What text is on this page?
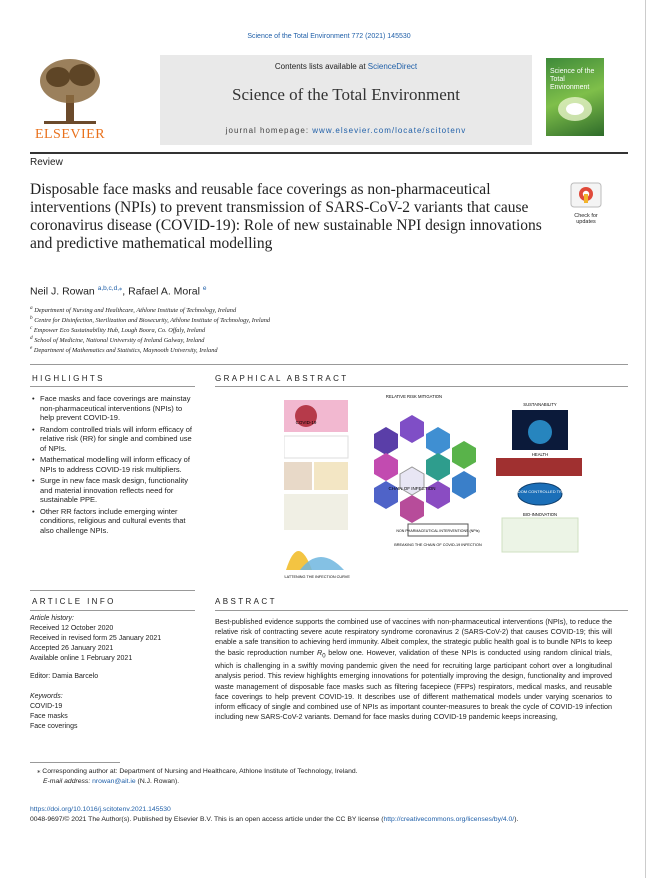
Science of the Total Environment 772 (2021) 145530
ELSEVIER
Contents lists available at ScienceDirect
Science of the Total Environment
journal homepage: www.elsevier.com/locate/scitotenv
Science of the Total Environment
Review
Disposable face masks and reusable face coverings as non-pharmaceutical interventions (NPIs) to prevent transmission of SARS-CoV-2 variants that cause coronavirus disease (COVID-19): Role of new sustainable NPI design innovations and predictive mathematical modelling
Check for updates
Neil J. Rowan $^{a,b,c,d,⁎}$, Rafael A. Moral $^e$
$^a$ Department of Nursing and Healthcare, Athlone Institute of Technology, Ireland
$^b$ Centre for Disinfection, Sterilization and Biosecurity, Athlone Institute of Technology, Ireland
$^c$ Empower Eco Sustainability Hub, Lough Boora, Co. Offaly, Ireland
$^d$ School of Medicine, National University of Ireland Galway, Ireland
$^e$ Department of Mathematics and Statistics, Maynooth University, Ireland
HIGHLIGHTS
• Face masks and face coverings are mainstay non-pharmaceutical interventions (NPIs) to help prevent COVID-19.
• Random controlled trials will inform efficacy of relative risk (RR) for single and combined use of NPIs.
• Mathematical modelling will inform efficacy of NPIs to address COVID-19 risk multipliers.
• Surge in new face mask design, functionality and material innovation reflects need for sustainable PPE.
• Other RR factors include emerging winter conditions, religious and cultural events that also challenge NPIs.
GRAPHICAL ABSTRACT
CHAIN OF INFECTION
NON PHARMACEUTICAL INTERVENTIONS (NPIs)
RANDOM CONTROLLED TRIALS
RELATIVE RISK MITIGATION
SUSTAINABILITY
HEALTH
BIO-INNOVATION
COVID-19
FLATTENING THE INFECTION CURVE
BREAKING THE CHAIN OF COVID-19 INFECTION
ARTICLE INFO
Article history:
Received 12 October 2020
Received in revised form 25 January 2021
Accepted 26 January 2021
Available online 1 February 2021
Editor: Damia Barcelo
Keywords:
COVID-19
Face masks
Face coverings
ABSTRACT
Best-published evidence supports the combined use of vaccines with non-pharmaceutical interventions (NPIs), to reduce the relative risk of contracting severe acute respiratory syndrome coronavirus 2 (SARS-CoV-2) that causes COVID-19; this will enable a safe transition to achieving herd immunity. Albeit complex, the strategic public health goal is to bundle NPIs to keep the basic reproduction number $R_0$ below one. However, validation of these NPIs is conducted using random clinical trials, which is challenging in a swiftly moving pandemic given the need for recruiting large participant cohort over a longitudinal analysis period. This review highlights emerging innovations for potentially improving the design, functionality and improved waste management of disposable face masks such as filtering facepiece (FFPs) respirators, medical masks, and reusable face coverings to help prevent COVID-19. It describes use of different mathematical models under varying scenarios to inform efficacy of single and combined use of NPIs as important counter-measures to break the cycle of COVID-19 infection including new SARS-CoV-2 variants. Demand for face masks during COVID-19 pandemic keeps increasing,
⁎ Corresponding author at: Department of Nursing and Healthcare, Athlone Institute of Technology, Ireland.
E-mail address: nrowan@ait.ie (N.J. Rowan).
https://doi.org/10.1016/j.scitotenv.2021.145530
0048-9697/© 2021 The Author(s). Published by Elsevier B.V. This is an open access article under the CC BY license (http://creativecommons.org/licenses/by/4.0/).
